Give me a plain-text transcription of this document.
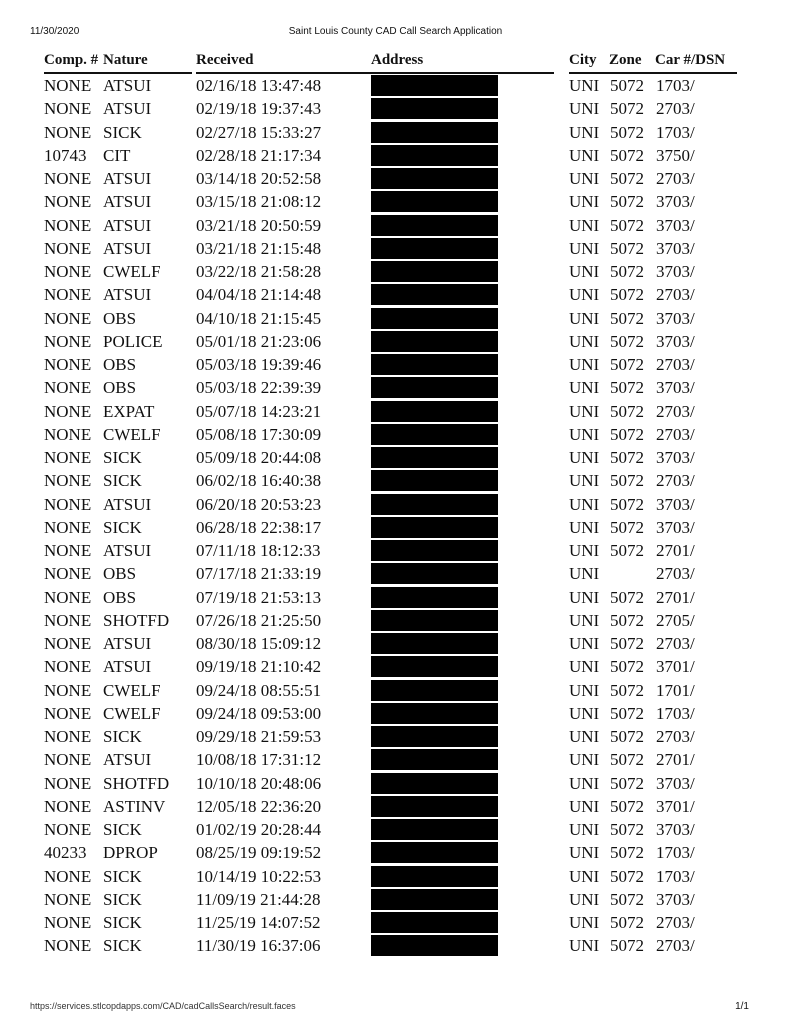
11/30/2020	Saint Louis County CAD Call Search Application
Comp. # Nature	Received	Address	City Zone Car #/DSN
NONE ATSUI	02/16/18 13:47:48	UNI 5072 1703/
NONE ATSUI	02/19/18 19:37:43	UNI 5072 2703/
NONE SICK	02/27/18 15:33:27	UNI 5072 1703/
10743 CIT	02/28/18 21:17:34	UNI 5072 3750/
NONE ATSUI	03/14/18 20:52:58	UNI 5072 2703/
NONE ATSUI	03/15/18 21:08:12	UNI 5072 3703/
NONE ATSUI	03/21/18 20:50:59	UNI 5072 3703/
NONE ATSUI	03/21/18 21:15:48	UNI 5072 3703/
NONE CWELF 03/22/18 21:58:28	UNI 5072 3703/
NONE ATSUI	04/04/18 21:14:48	UNI 5072 2703/
NONE OBS	04/10/18 21:15:45	UNI 5072 3703/
NONE POLICE 05/01/18 21:23:06	UNI 5072 3703/
NONE OBS	05/03/18 19:39:46	UNI 5072 2703/
NONE OBS	05/03/18 22:39:39	UNI 5072 3703/
NONE EXPAT 05/07/18 14:23:21	UNI 5072 2703/
NONE CWELF 05/08/18 17:30:09	UNI 5072 2703/
NONE SICK	05/09/18 20:44:08	UNI 5072 3703/
NONE SICK	06/02/18 16:40:38	UNI 5072 2703/
NONE ATSUI	06/20/18 20:53:23	UNI 5072 3703/
NONE SICK	06/28/18 22:38:17	UNI 5072 3703/
NONE ATSUI	07/11/18 18:12:33	UNI 5072 2701/
NONE OBS	07/17/18 21:33:19	UNI	2703/
NONE OBS	07/19/18 21:53:13	UNI 5072 2701/
NONE SHOTFD 07/26/18 21:25:50	UNI 5072 2705/
NONE ATSUI	08/30/18 15:09:12	UNI 5072 2703/
NONE ATSUI	09/19/18 21:10:42	UNI 5072 3701/
NONE CWELF 09/24/18 08:55:51	UNI 5072 1701/
NONE CWELF 09/24/18 09:53:00	UNI 5072 1703/
NONE SICK	09/29/18 21:59:53	UNI 5072 2703/
NONE ATSUI	10/08/18 17:31:12	UNI 5072 2701/
NONE SHOTFD 10/10/18 20:48:06	UNI 5072 3703/
NONE ASTINV 12/05/18 22:36:20	UNI 5072 3701/
NONE SICK	01/02/19 20:28:44	UNI 5072 3703/
40233 DPROP 08/25/19 09:19:52	UNI 5072 1703/
NONE SICK	10/14/19 10:22:53	UNI 5072 1703/
NONE SICK	11/09/19 21:44:28	UNI 5072 3703/
NONE SICK	11/25/19 14:07:52	UNI 5072 2703/
NONE SICK	11/30/19 16:37:06	UNI 5072 2703/
https://services.stlcopdapps.com/CAD/cadCallsSearch/result.faces	1/1
